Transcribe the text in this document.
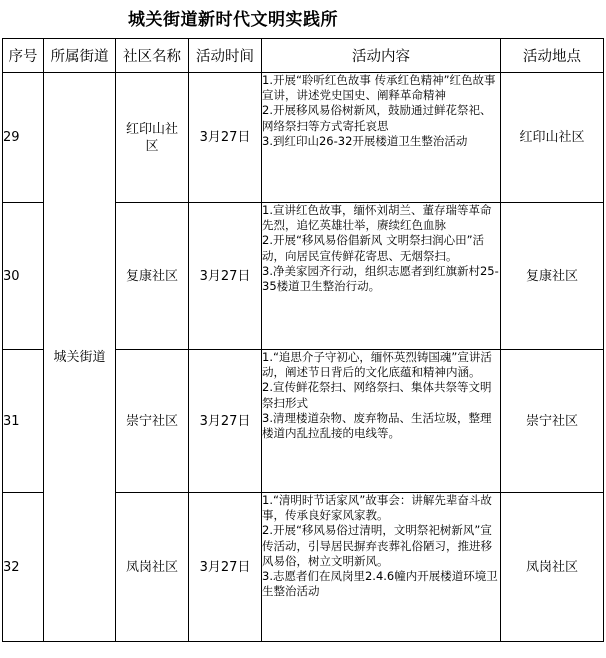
城关街道新时代文明实践所
序号	所属街道	社区名称	活动时间	活动内容	活动地点
29	城关街道	红印山社区	3月27日	1.开展“聆听红色故事 传承红色精神”红色故事宣讲，讲述党史国史、阐释革命精神
2.开展移风易俗树新风，鼓励通过鲜花祭祀、网络祭扫等方式寄托哀思
3.到红印山26-32开展楼道卫生整治活动	红印山社区
30		复康社区	3月27日	1.宣讲红色故事，缅怀刘胡兰、董存瑞等革命先烈，追忆英雄壮举，赓续红色血脉
2.开展“移风易俗倡新风 文明祭扫润心田”活动，向居民宣传鲜花寄思、无烟祭扫。
3.净美家园齐行动，组织志愿者到红旗新村25-35楼道卫生整治行动。	复康社区
31		崇宁社区	3月27日	1.“追思介子守初心，缅怀英烈铸国魂”宣讲活动，阐述节日背后的文化底蕴和精神内涵。
2.宣传鲜花祭扫、网络祭扫、集体共祭等文明祭扫形式
3.清理楼道杂物、废弃物品、生活垃圾，整理楼道内乱拉乱接的电线等。	崇宁社区
32		凤岗社区	3月27日	1.“清明时节话家风”故事会：讲解先辈奋斗故事，传承良好家风家教。
2.开展“移风易俗过清明，文明祭祀树新风”宣传活动，引导居民摒弃丧葬礼俗陋习，推进移风易俗，树立文明新风。
3.志愿者们在凤岗里2.4.6幢内开展楼道环境卫生整治活动	凤岗社区
